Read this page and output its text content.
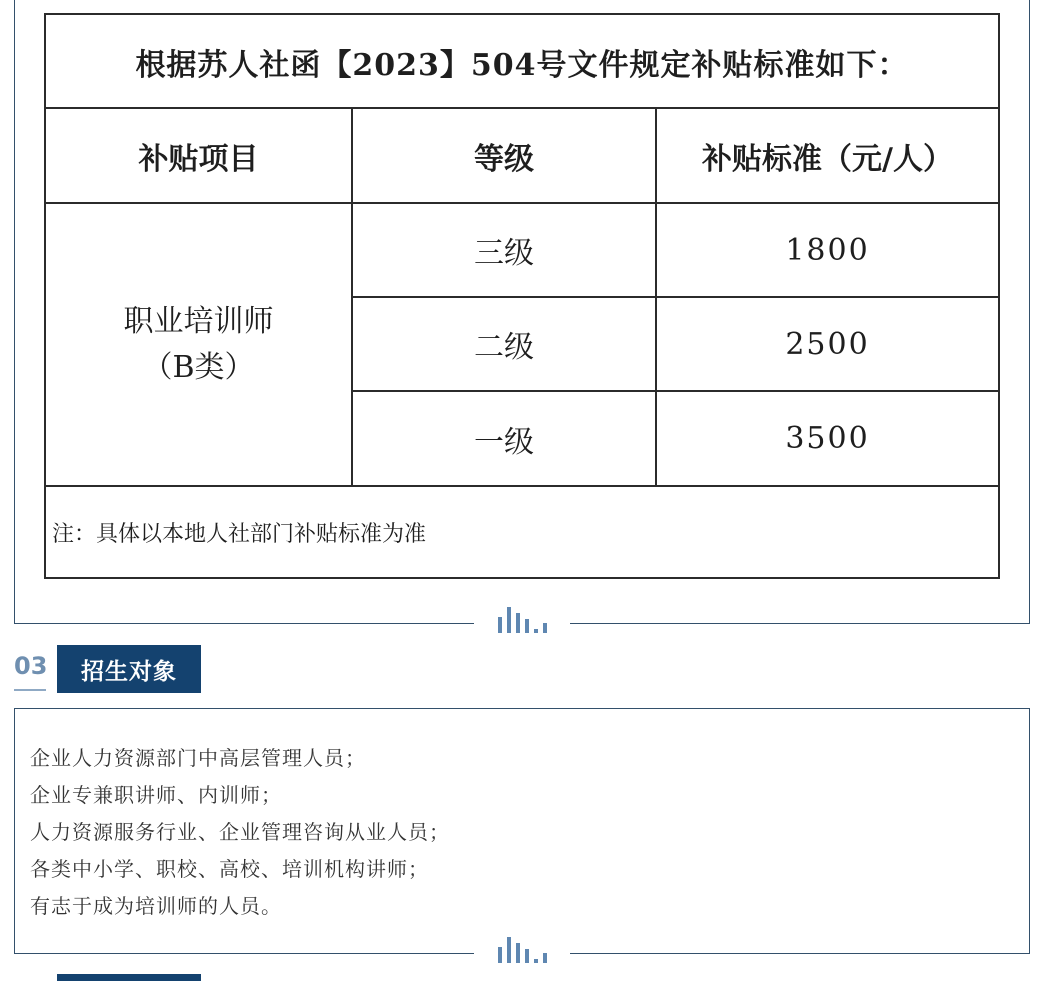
根据苏人社函【2023】504号文件规定补贴标准如下：
补贴项目	等级	补贴标准（元/人）
职业培训师
（B类）
三级	1800
二级	2500
一级	3500
注：具体以本地人社部门补贴标准为准
03	招生对象
企业人力资源部门中高层管理人员；
企业专兼职讲师、内训师；
人力资源服务行业、企业管理咨询从业人员；
各类中小学、职校、高校、培训机构讲师；
有志于成为培训师的人员。
